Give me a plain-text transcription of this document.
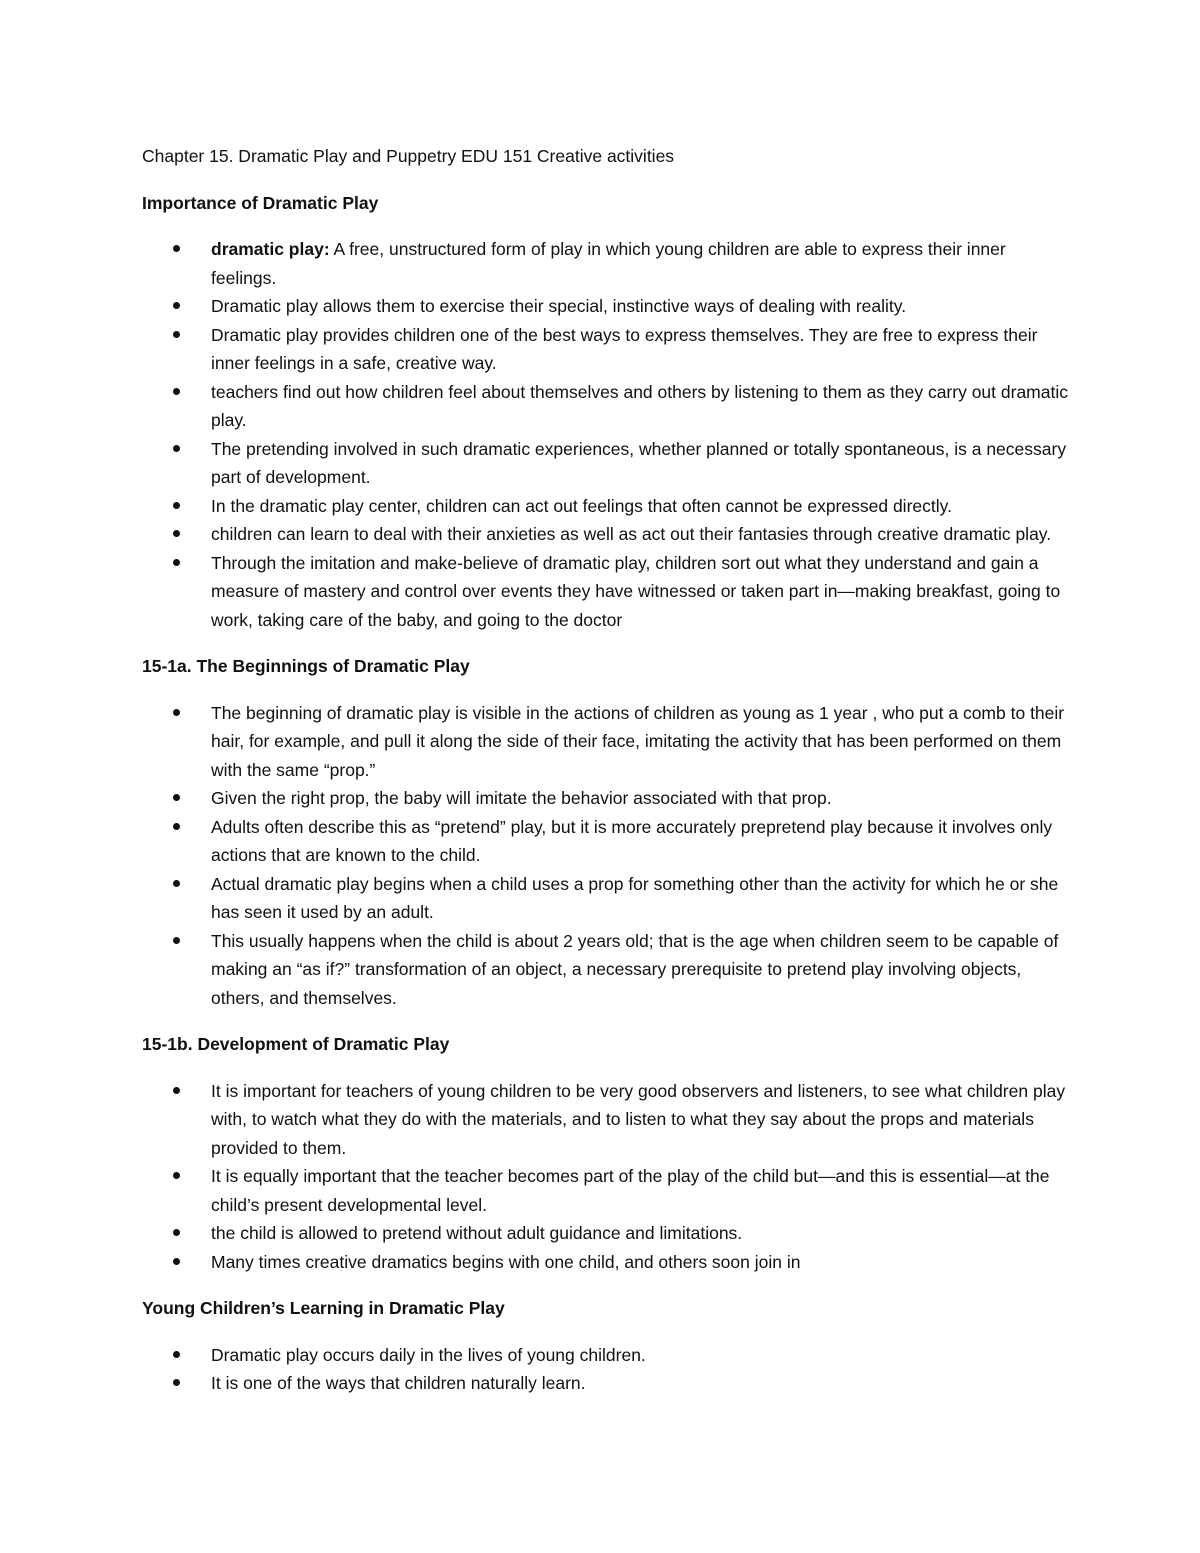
Chapter 15. Dramatic Play and Puppetry EDU 151 Creative activities

Importance of Dramatic Play

dramatic play: A free, unstructured form of play in which young children are able to express their inner feelings.
Dramatic play allows them to exercise their special, instinctive ways of dealing with reality.
Dramatic play provides children one of the best ways to express themselves. They are free to express their inner feelings in a safe, creative way.
teachers find out how children feel about themselves and others by listening to them as they carry out dramatic play.
The pretending involved in such dramatic experiences, whether planned or totally spontaneous, is a necessary part of development.
In the dramatic play center, children can act out feelings that often cannot be expressed directly.
children can learn to deal with their anxieties as well as act out their fantasies through creative dramatic play.
Through the imitation and make-believe of dramatic play, children sort out what they understand and gain a measure of mastery and control over events they have witnessed or taken part in—making breakfast, going to work, taking care of the baby, and going to the doctor

15-1a. The Beginnings of Dramatic Play

The beginning of dramatic play is visible in the actions of children as young as 1 year , who put a comb to their hair, for example, and pull it along the side of their face, imitating the activity that has been performed on them with the same “prop.”
Given the right prop, the baby will imitate the behavior associated with that prop.
Adults often describe this as “pretend” play, but it is more accurately prepretend play because it involves only actions that are known to the child.
Actual dramatic play begins when a child uses a prop for something other than the activity for which he or she has seen it used by an adult.
This usually happens when the child is about 2 years old; that is the age when children seem to be capable of making an “as if?” transformation of an object, a necessary prerequisite to pretend play involving objects, others, and themselves.

15-1b. Development of Dramatic Play

It is important for teachers of young children to be very good observers and listeners, to see what children play with, to watch what they do with the materials, and to listen to what they say about the props and materials provided to them.
It is equally important that the teacher becomes part of the play of the child but—and this is essential—at the child’s present developmental level.
the child is allowed to pretend without adult guidance and limitations.
Many times creative dramatics begins with one child, and others soon join in

Young Children’s Learning in Dramatic Play

Dramatic play occurs daily in the lives of young children.
It is one of the ways that children naturally learn.
